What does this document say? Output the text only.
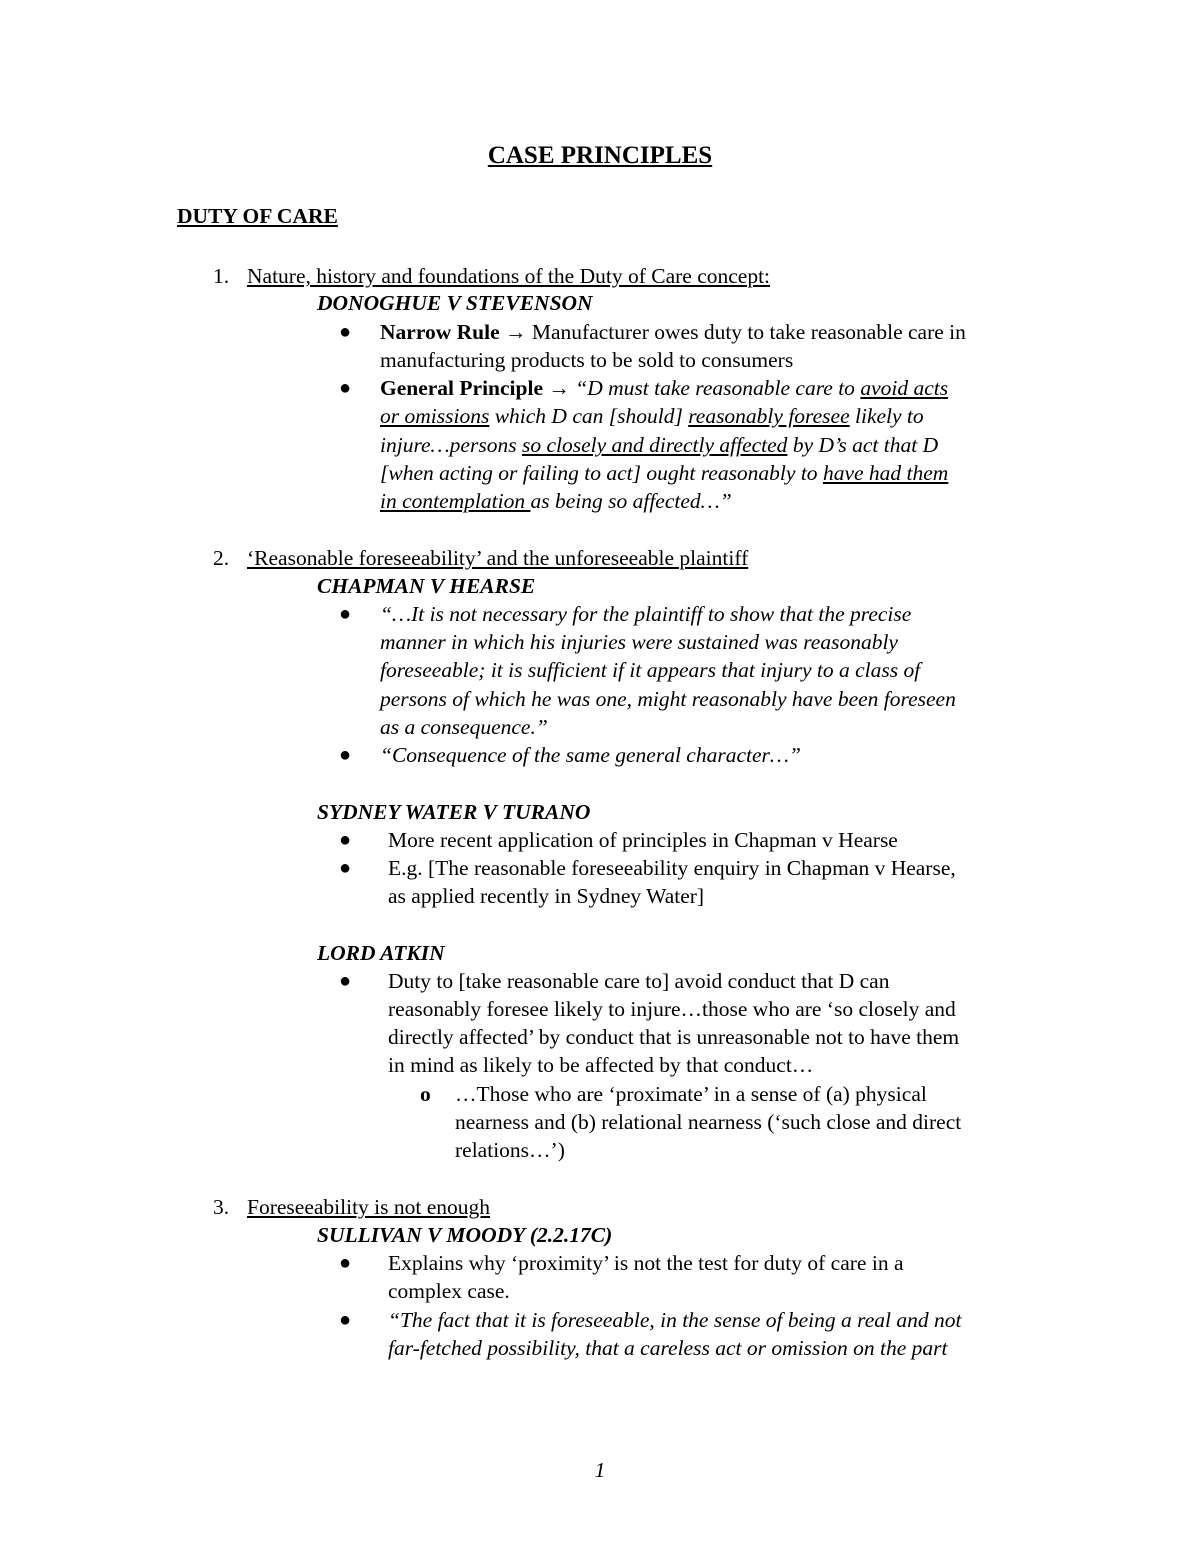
CASE PRINCIPLES
DUTY OF CARE
1. Nature, history and foundations of the Duty of Care concept:
DONOGHUE V STEVENSON
● Narrow Rule → Manufacturer owes duty to take reasonable care in
manufacturing products to be sold to consumers
● General Principle → “D must take reasonable care to avoid acts
or omissions which D can [should] reasonably foresee likely to
injure…persons so closely and directly affected by D’s act that D
[when acting or failing to act] ought reasonably to have had them
in contemplation as being so affected…”
2. ‘Reasonable foreseeability’ and the unforeseeable plaintiff
CHAPMAN V HEARSE
● “…It is not necessary for the plaintiff to show that the precise
manner in which his injuries were sustained was reasonably
foreseeable; it is sufficient if it appears that injury to a class of
persons of which he was one, might reasonably have been foreseen
as a consequence.”
● “Consequence of the same general character…”
SYDNEY WATER V TURANO
● More recent application of principles in Chapman v Hearse
● E.g. [The reasonable foreseeability enquiry in Chapman v Hearse,
as applied recently in Sydney Water]
LORD ATKIN
● Duty to [take reasonable care to] avoid conduct that D can
reasonably foresee likely to injure…those who are ‘so closely and
directly affected’ by conduct that is unreasonable not to have them
in mind as likely to be affected by that conduct…
o …Those who are ‘proximate’ in a sense of (a) physical
nearness and (b) relational nearness (‘such close and direct
relations…’)
3. Foreseeability is not enough
SULLIVAN V MOODY (2.2.17C)
● Explains why ‘proximity’ is not the test for duty of care in a
complex case.
● “The fact that it is foreseeable, in the sense of being a real and not
far-fetched possibility, that a careless act or omission on the part
1
